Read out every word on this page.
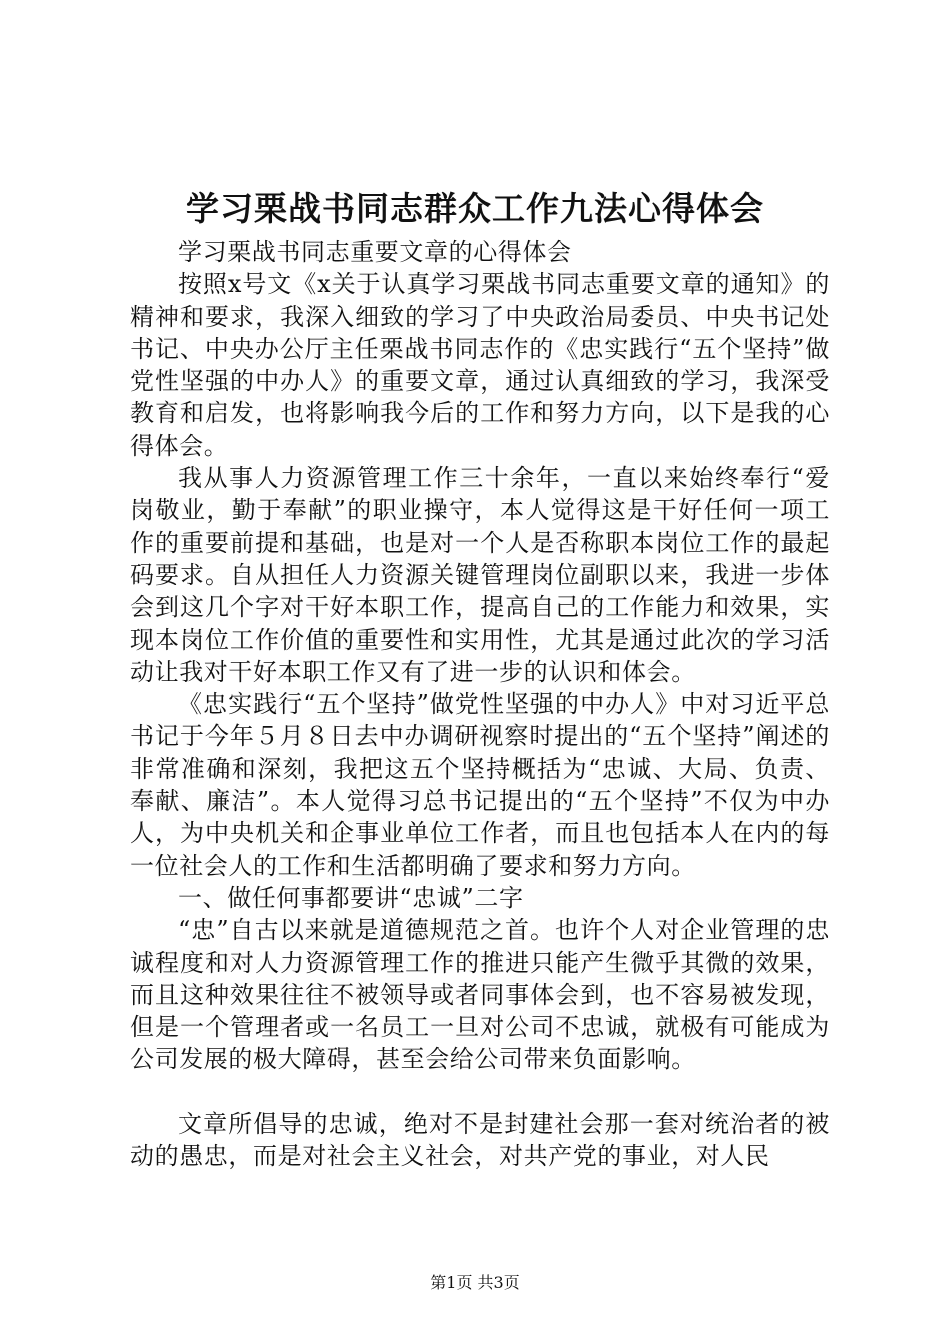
学习栗战书同志群众工作九法心得体会

学习栗战书同志重要文章的心得体会

按照x号文《x关于认真学习栗战书同志重要文章的通知》的精神和要求，我深入细致的学习了中央政治局委员、中央书记处书记、中央办公厅主任栗战书同志作的《忠实践行“五个坚持”做党性坚强的中办人》的重要文章，通过认真细致的学习，我深受教育和启发，也将影响我今后的工作和努力方向，以下是我的心得体会。

我从事人力资源管理工作三十余年，一直以来始终奉行“爱岗敬业，勤于奉献”的职业操守，本人觉得这是干好任何一项工作的重要前提和基础，也是对一个人是否称职本岗位工作的最起码要求。自从担任人力资源关键管理岗位副职以来，我进一步体会到这几个字对干好本职工作，提高自己的工作能力和效果，实现本岗位工作价值的重要性和实用性，尤其是通过此次的学习活动让我对干好本职工作又有了进一步的认识和体会。

《忠实践行“五个坚持”做党性坚强的中办人》中对习近平总书记于今年５月８日去中办调研视察时提出的“五个坚持”阐述的非常准确和深刻，我把这五个坚持概括为“忠诚、大局、负责、奉献、廉洁”。本人觉得习总书记提出的“五个坚持”不仅为中办人，为中央机关和企事业单位工作者，而且也包括本人在内的每一位社会人的工作和生活都明确了要求和努力方向。

一、做任何事都要讲“忠诚”二字

“忠”自古以来就是道德规范之首。也许个人对企业管理的忠诚程度和对人力资源管理工作的推进只能产生微乎其微的效果，而且这种效果往往不被领导或者同事体会到，也不容易被发现，但是一个管理者或一名员工一旦对公司不忠诚，就极有可能成为公司发展的极大障碍，甚至会给公司带来负面影响。

文章所倡导的忠诚，绝对不是封建社会那一套对统治者的被动的愚忠，而是对社会主义社会，对共产党的事业，对人民

第1页 共3页
